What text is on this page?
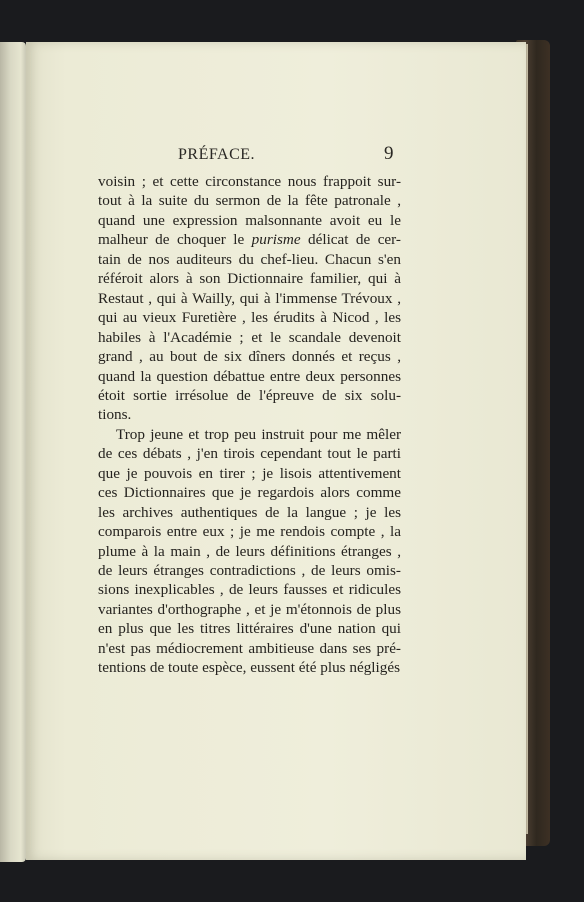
PRÉFACE.	9
voisin ; et cette circonstance nous frappoit sur-
tout à la suite du sermon de la fête patronale ,
quand une expression malsonnante avoit eu le
malheur de choquer le purisme délicat de cer-
tain de nos auditeurs du chef-lieu. Chacun s'en
référoit alors à son Dictionnaire familier, qui à
Restaut , qui à Wailly, qui à l'immense Trévoux ,
qui au vieux Furetière , les érudits à Nicod , les
habiles à l'Académie ; et le scandale devenoit
grand , au bout de six dîners donnés et reçus ,
quand la question débattue entre deux personnes
étoit sortie irrésolue de l'épreuve de six solu-
tions.
Trop jeune et trop peu instruit pour me mêler
de ces débats , j'en tirois cependant tout le parti
que je pouvois en tirer ; je lisois attentivement
ces Dictionnaires que je regardois alors comme
les archives authentiques de la langue ; je les
comparois entre eux ; je me rendois compte , la
plume à la main , de leurs définitions étranges ,
de leurs étranges contradictions , de leurs omis-
sions inexplicables , de leurs fausses et ridicules
variantes d'orthographe , et je m'étonnois de plus
en plus que les titres littéraires d'une nation qui
n'est pas médiocrement ambitieuse dans ses pré-
tentions de toute espèce, eussent été plus négligés
